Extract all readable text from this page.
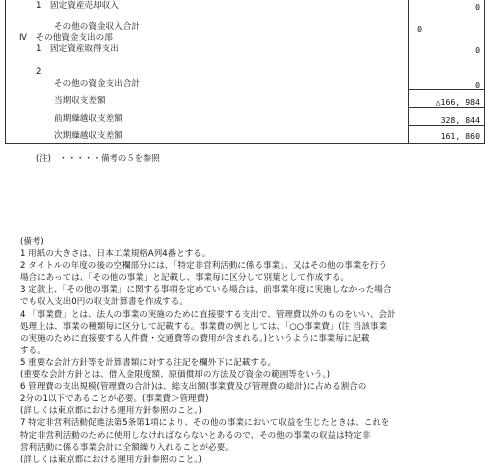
1　固定資産売却収入
その他の資金収入合計
Ⅳ　その他資金支出の部
1　固定資産取得支出
2
その他の資金支出合計
当期収支差額
前期繰越収支差額
次期繰越収支差額
0
0
0
0
△166, 984
328, 844
161, 860
(注)　・・・・・備考の５を参照
(備考)
1 用紙の大きさは、日本工業規格A列4番とする。
2 タイトルの年度の後の空欄部分には、「特定非営利活動に係る事業」、又はその他の事業を行う
場合にあっては、「その他の事業」と記載し、事業毎に区分して別葉として作成する。
3 定款上、「その他の事業」に関する事項を定めている場合は、前事業年度に実施しなかった場合
でも収入支出0円の収支計算書を作成する。
4 「事業費」とは、法人の事業の実施のために直接要する支出で、管理費以外のものをいい、会計
処理上は、事業の種類毎に区分して記載する。事業費の例としては、「○○事業費」(注 当該事業
の実施のために直接要する人件費・交通費等の費用が含まれる。)というように事業毎に記載
する。
5 重要な会計方針等を計算書類に対する注記を欄外下に記載する。
(重要な会計方針とは、借入金限度額、原価償却の方法及び資金の範囲等をいう。)
6 管理費の支出規模(管理費の合計)は、総支出額(事業費及び管理費の総計)に占める割合の
2分の1以下であることが必要。(事業費＞管理費)
(詳しくは東京都における運用方針参照のこと。)
7 特定非営利活動促進法第5条第1項により、その他の事業において収益を生じたときは、これを
特定非営利活動のために使用しなければならないとあるので、その他の事業の収益は特定非
営利活動に係る事業会計に全額繰り入れることが必要。
(詳しくは東京都における運用方針参照のこと。)
